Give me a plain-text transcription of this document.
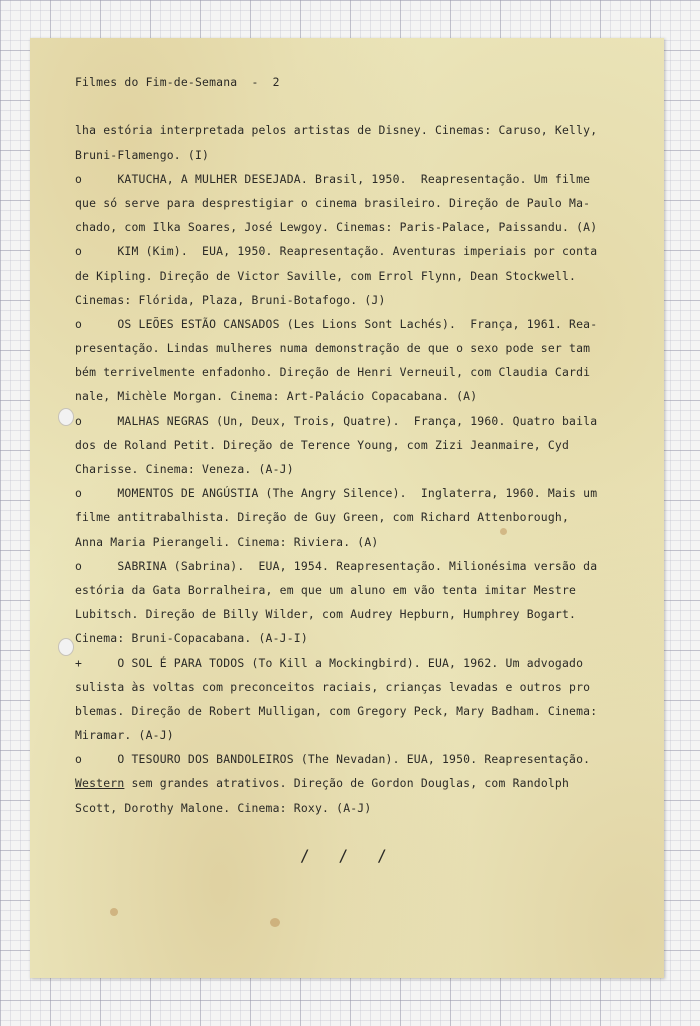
Filmes do Fim-de-Semana  -  2
lha estória interpretada pelos artistas de Disney. Cinemas: Caruso, Kelly,
Bruni-Flamengo. (I)
o     KATUCHA, A MULHER DESEJADA. Brasil, 1950.  Reapresentação. Um filme
que só serve para desprestigiar o cinema brasileiro. Direção de Paulo Ma-
chado, com Ilka Soares, José Lewgoy. Cinemas: Paris-Palace, Paissandu. (A)
o     KIM (Kim).  EUA, 1950. Reapresentação. Aventuras imperiais por conta
de Kipling. Direção de Victor Saville, com Errol Flynn, Dean Stockwell.
Cinemas: Flórida, Plaza, Bruni-Botafogo. (J)
o     OS LEÕES ESTÃO CANSADOS (Les Lions Sont Lachés).  França, 1961. Rea-
presentação. Lindas mulheres numa demonstração de que o sexo pode ser tam
bém terrivelmente enfadonho. Direção de Henri Verneuil, com Claudia Cardi
nale, Michèle Morgan. Cinema: Art-Palácio Copacabana. (A)
o     MALHAS NEGRAS (Un, Deux, Trois, Quatre).  França, 1960. Quatro baila
dos de Roland Petit. Direção de Terence Young, com Zizi Jeanmaire, Cyd
Charisse. Cinema: Veneza. (A-J)
o     MOMENTOS DE ANGÚSTIA (The Angry Silence).  Inglaterra, 1960. Mais um
filme antitrabalhista. Direção de Guy Green, com Richard Attenborough,
Anna Maria Pierangeli. Cinema: Riviera. (A)
o     SABRINA (Sabrina).  EUA, 1954. Reapresentação. Milionésima versão da
estória da Gata Borralheira, em que um aluno em vão tenta imitar Mestre
Lubitsch. Direção de Billy Wilder, com Audrey Hepburn, Humphrey Bogart.
Cinema: Bruni-Copacabana. (A-J-I)
+     O SOL É PARA TODOS (To Kill a Mockingbird). EUA, 1962. Um advogado
sulista às voltas com preconceitos raciais, crianças levadas e outros pro
blemas. Direção de Robert Mulligan, com Gregory Peck, Mary Badham. Cinema:
Miramar. (A-J)
o     O TESOURO DOS BANDOLEIROS (The Nevadan). EUA, 1950. Reapresentação.
Western sem grandes atrativos. Direção de Gordon Douglas, com Randolph
Scott, Dorothy Malone. Cinema: Roxy. (A-J)
/   /   /
